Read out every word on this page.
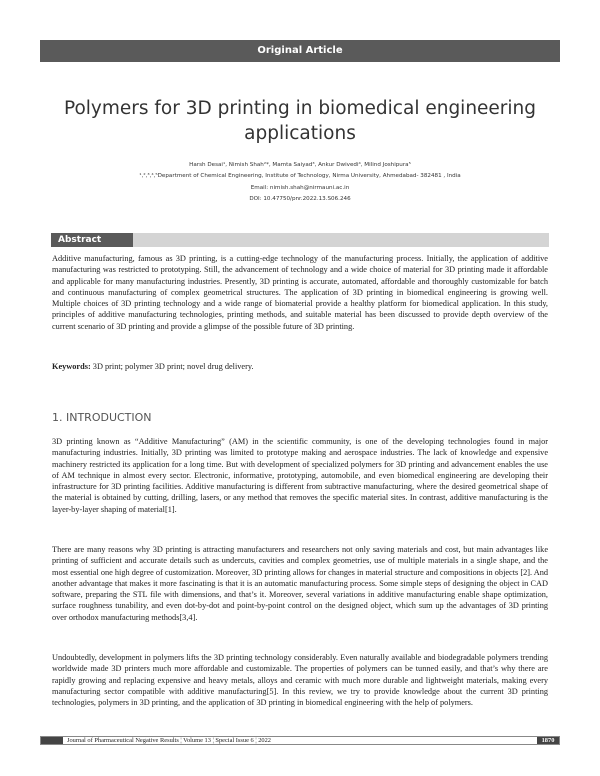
Original Article
Polymers for 3D printing in biomedical engineering applications
Harsh Desai¹, Nimish Shah²*, Mamta Saiyad³, Ankur Dwivedi⁴, Milind Joshipura⁵
¹,²,³,⁴,⁵Department of Chemical Engineering, Institute of Technology, Nirma University, Ahmedabad- 382481 , India
Email: nimish.shah@nirmauni.ac.in
DOI: 10.47750/pnr.2022.13.S06.246
Abstract
Additive manufacturing, famous as 3D printing, is a cutting-edge technology of the manufacturing process. Initially, the application of additive manufacturing was restricted to prototyping. Still, the advancement of technology and a wide choice of material for 3D printing made it affordable and applicable for many manufacturing industries. Presently, 3D printing is accurate, automated, affordable and thoroughly customizable for batch and continuous manufacturing of complex geometrical structures. The application of 3D printing in biomedical engineering is growing well. Multiple choices of 3D printing technology and a wide range of biomaterial provide a healthy platform for biomedical application. In this study, principles of additive manufacturing technologies, printing methods, and suitable material has been discussed to provide depth overview of the current scenario of 3D printing and provide a glimpse of the possible future of 3D printing.
Keywords: 3D print; polymer 3D print; novel drug delivery.
1. INTRODUCTION
3D printing known as “Additive Manufacturing” (AM) in the scientific community, is one of the developing technologies found in major manufacturing industries. Initially, 3D printing was limited to prototype making and aerospace industries. The lack of knowledge and expensive machinery restricted its application for a long time. But with development of specialized polymers for 3D printing and advancement enables the use of AM technique in almost every sector. Electronic, informative, prototyping, automobile, and even biomedical engineering are developing their infrastructure for 3D printing facilities. Additive manufacturing is different from subtractive manufacturing, where the desired geometrical shape of the material is obtained by cutting, drilling, lasers, or any method that removes the specific material sites. In contrast, additive manufacturing is the layer-by-layer shaping of material[1].
There are many reasons why 3D printing is attracting manufacturers and researchers not only saving materials and cost, but main advantages like printing of sufficient and accurate details such as undercuts, cavities and complex geometries, use of multiple materials in a single shape, and the most essential one high degree of customization. Moreover, 3D printing allows for changes in material structure and compositions in objects [2]. And another advantage that makes it more fascinating is that it is an automatic manufacturing process. Some simple steps of designing the object in CAD software, preparing the STL file with dimensions, and that’s it. Moreover, several variations in additive manufacturing enable shape optimization, surface roughness tunability, and even dot-by-dot and point-by-point control on the designed object, which sum up the advantages of 3D printing over orthodox manufacturing methods[3,4].
Undoubtedly, development in polymers lifts the 3D printing technology considerably. Even naturally available and biodegradable polymers trending worldwide made 3D printers much more affordable and customizable. The properties of polymers can be tunned easily, and that’s why there are rapidly growing and replacing expensive and heavy metals, alloys and ceramic with much more durable and lightweight materials, making every manufacturing sector compatible with additive manufacturing[5]. In this review, we try to provide knowledge about the current 3D printing technologies, polymers in 3D printing, and the application of 3D printing in biomedical engineering with the help of polymers.
Journal of Pharmaceutical Negative Results ¦ Volume 13 ¦ Special Issue 6 ¦ 2022	1870
